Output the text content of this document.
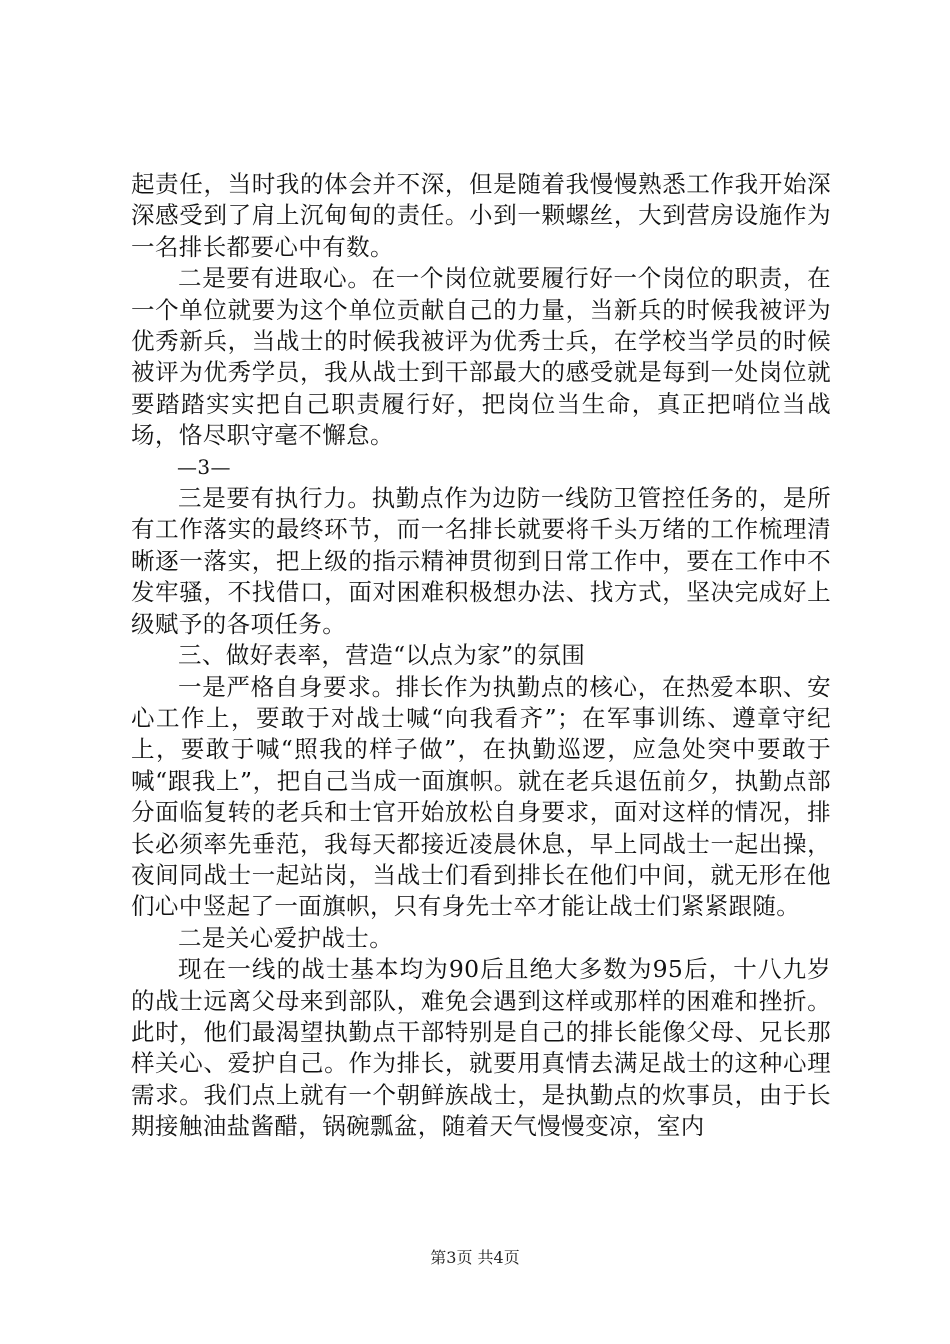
起责任，当时我的体会并不深，但是随着我慢慢熟悉工作我开始深深感受到了肩上沉甸甸的责任。小到一颗螺丝，大到营房设施作为一名排长都要心中有数。

二是要有进取心。在一个岗位就要履行好一个岗位的职责，在一个单位就要为这个单位贡献自己的力量，当新兵的时候我被评为优秀新兵，当战士的时候我被评为优秀士兵，在学校当学员的时候被评为优秀学员，我从战士到干部最大的感受就是每到一处岗位就要踏踏实实把自己职责履行好，把岗位当生命，真正把哨位当战场，恪尽职守毫不懈怠。

—3—

三是要有执行力。执勤点作为边防一线防卫管控任务的，是所有工作落实的最终环节，而一名排长就要将千头万绪的工作梳理清晰逐一落实，把上级的指示精神贯彻到日常工作中，要在工作中不发牢骚，不找借口，面对困难积极想办法、找方式，坚决完成好上级赋予的各项任务。

三、做好表率，营造“以点为家”的氛围

一是严格自身要求。排长作为执勤点的核心，在热爱本职、安心工作上，要敢于对战士喊“向我看齐”；在军事训练、遵章守纪上，要敢于喊“照我的样子做”，在执勤巡逻，应急处突中要敢于喊“跟我上”，把自己当成一面旗帜。就在老兵退伍前夕，执勤点部分面临复转的老兵和士官开始放松自身要求，面对这样的情况，排长必须率先垂范，我每天都接近凌晨休息，早上同战士一起出操，夜间同战士一起站岗，当战士们看到排长在他们中间，就无形在他们心中竖起了一面旗帜，只有身先士卒才能让战士们紧紧跟随。

二是关心爱护战士。

现在一线的战士基本均为90后且绝大多数为95后，十八九岁的战士远离父母来到部队，难免会遇到这样或那样的困难和挫折。此时，他们最渴望执勤点干部特别是自己的排长能像父母、兄长那样关心、爱护自己。作为排长，就要用真情去满足战士的这种心理需求。我们点上就有一个朝鲜族战士，是执勤点的炊事员，由于长期接触油盐酱醋，锅碗瓢盆，随着天气慢慢变凉，室内

第3页 共4页
